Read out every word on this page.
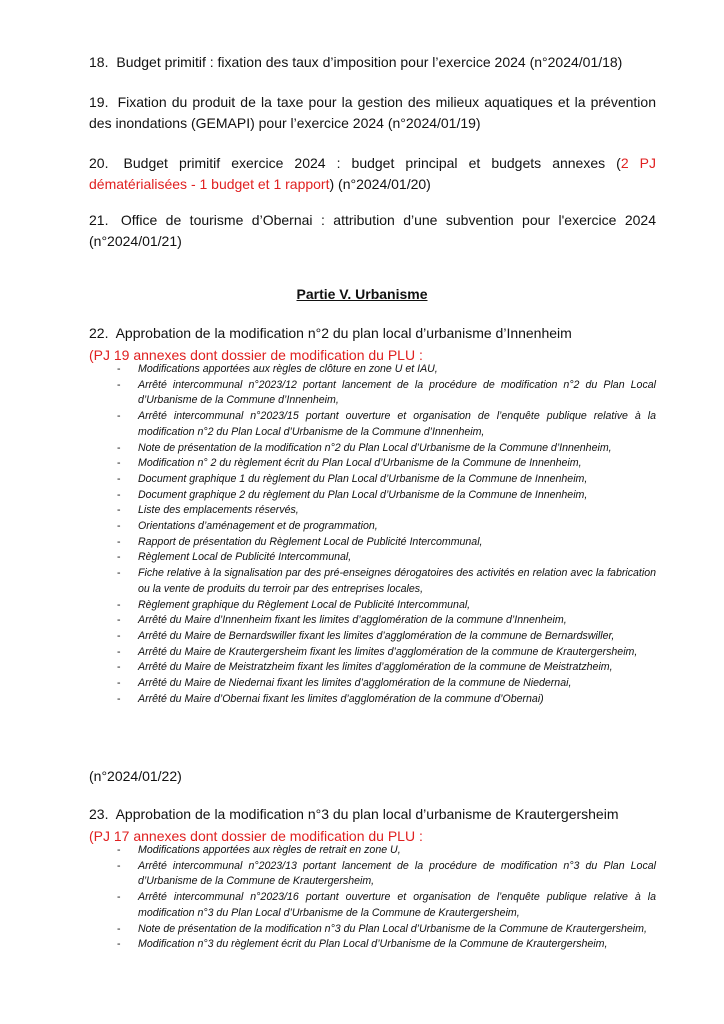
18. Budget primitif : fixation des taux d’imposition pour l’exercice 2024 (n°2024/01/18)
19. Fixation du produit de la taxe pour la gestion des milieux aquatiques et la prévention des inondations (GEMAPI) pour l’exercice 2024 (n°2024/01/19)
20. Budget primitif exercice 2024 : budget principal et budgets annexes (2 PJ dématérialisées - 1 budget et 1 rapport) (n°2024/01/20)
21. Office de tourisme d’Obernai : attribution d’une subvention pour l'exercice 2024 (n°2024/01/21)
Partie V. Urbanisme
22. Approbation de la modification n°2 du plan local d’urbanisme d’Innenheim
(PJ 19 annexes dont dossier de modification du PLU :
- Modifications apportées aux règles de clôture en zone U et IAU,
- Arrêté intercommunal n°2023/12 portant lancement de la procédure de modification n°2 du Plan Local d’Urbanisme de la Commune d’Innenheim,
- Arrêté intercommunal n°2023/15 portant ouverture et organisation de l’enquête publique relative à la modification n°2 du Plan Local d’Urbanisme de la Commune d’Innenheim,
- Note de présentation de la modification n°2 du Plan Local d’Urbanisme de la Commune d’Innenheim,
- Modification n° 2 du règlement écrit du Plan Local d’Urbanisme de la Commune de Innenheim,
- Document graphique 1 du règlement du Plan Local d’Urbanisme de la Commune de Innenheim,
- Document graphique 2 du règlement du Plan Local d’Urbanisme de la Commune de Innenheim,
- Liste des emplacements réservés,
- Orientations d’aménagement et de programmation,
- Rapport de présentation du Règlement Local de Publicité Intercommunal,
- Règlement Local de Publicité Intercommunal,
- Fiche relative à la signalisation par des pré-enseignes dérogatoires des activités en relation avec la fabrication ou la vente de produits du terroir par des entreprises locales,
- Règlement graphique du Règlement Local de Publicité Intercommunal,
- Arrêté du Maire d’Innenheim fixant les limites d’agglomération de la commune d’Innenheim,
- Arrêté du Maire de Bernardswiller fixant les limites d’agglomération de la commune de Bernardswiller,
- Arrêté du Maire de Krautergersheim fixant les limites d’agglomération de la commune de Krautergersheim,
- Arrêté du Maire de Meistratzheim fixant les limites d’agglomération de la commune de Meistratzheim,
- Arrêté du Maire de Niedernai fixant les limites d’agglomération de la commune de Niedernai,
- Arrêté du Maire d’Obernai fixant les limites d’agglomération de la commune d’Obernai)
(n°2024/01/22)
23. Approbation de la modification n°3 du plan local d’urbanisme de Krautergersheim
(PJ 17 annexes dont dossier de modification du PLU :
- Modifications apportées aux règles de retrait en zone U,
- Arrêté intercommunal n°2023/13 portant lancement de la procédure de modification n°3 du Plan Local d’Urbanisme de la Commune de Krautergersheim,
- Arrêté intercommunal n°2023/16 portant ouverture et organisation de l’enquête publique relative à la modification n°3 du Plan Local d’Urbanisme de la Commune de Krautergersheim,
- Note de présentation de la modification n°3 du Plan Local d’Urbanisme de la Commune de Krautergersheim,
- Modification n°3 du règlement écrit du Plan Local d’Urbanisme de la Commune de Krautergersheim,
